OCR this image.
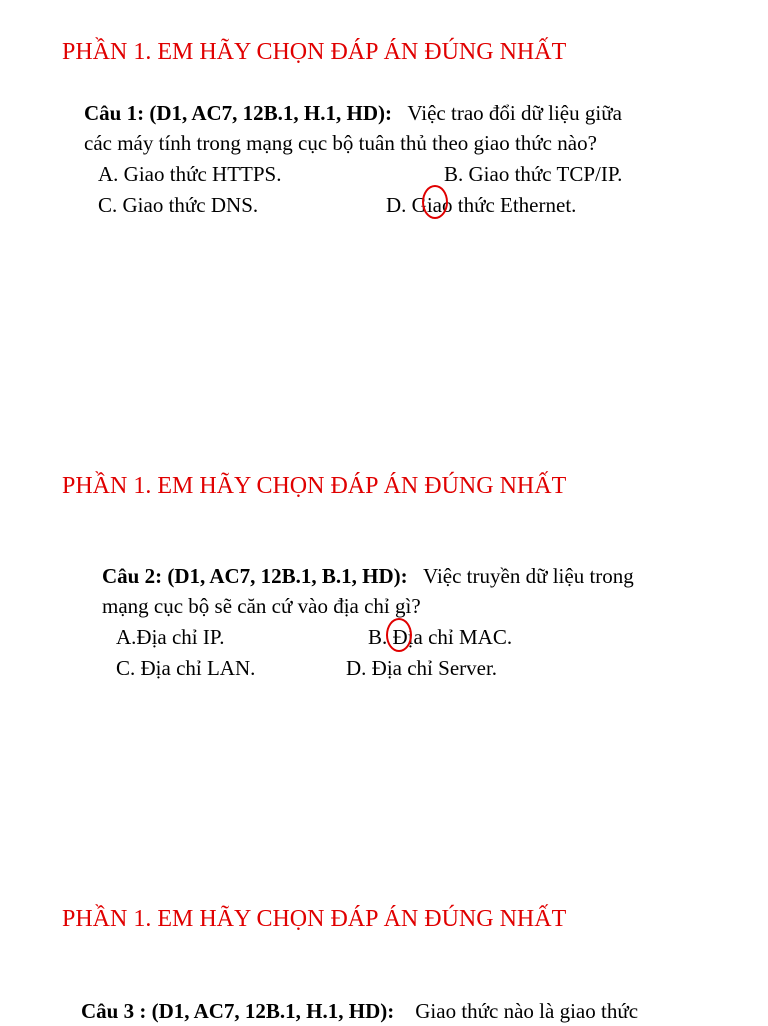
PHẦN 1. EM HÃY CHỌN ĐÁP ÁN ĐÚNG NHẤT
Câu 1: (D1, AC7, 12B.1, H.1, HD): Việc trao đổi dữ liệu giữa
các máy tính trong mạng cục bộ tuân thủ theo giao thức nào?
A. Giao thức HTTPS.	B. Giao thức TCP/IP.
C. Giao thức DNS.	D. Giao thức Ethernet.
PHẦN 1. EM HÃY CHỌN ĐÁP ÁN ĐÚNG NHẤT
Câu 2: (D1, AC7, 12B.1, B.1, HD): Việc truyền dữ liệu trong
mạng cục bộ sẽ căn cứ vào địa chỉ gì?
A.Địa chỉ IP.	B. Địa chỉ MAC.
C. Địa chỉ LAN.	D. Địa chỉ Server.
PHẦN 1. EM HÃY CHỌN ĐÁP ÁN ĐÚNG NHẤT
Câu 3 : (D1, AC7, 12B.1, H.1, HD): Giao thức nào là giao thức
